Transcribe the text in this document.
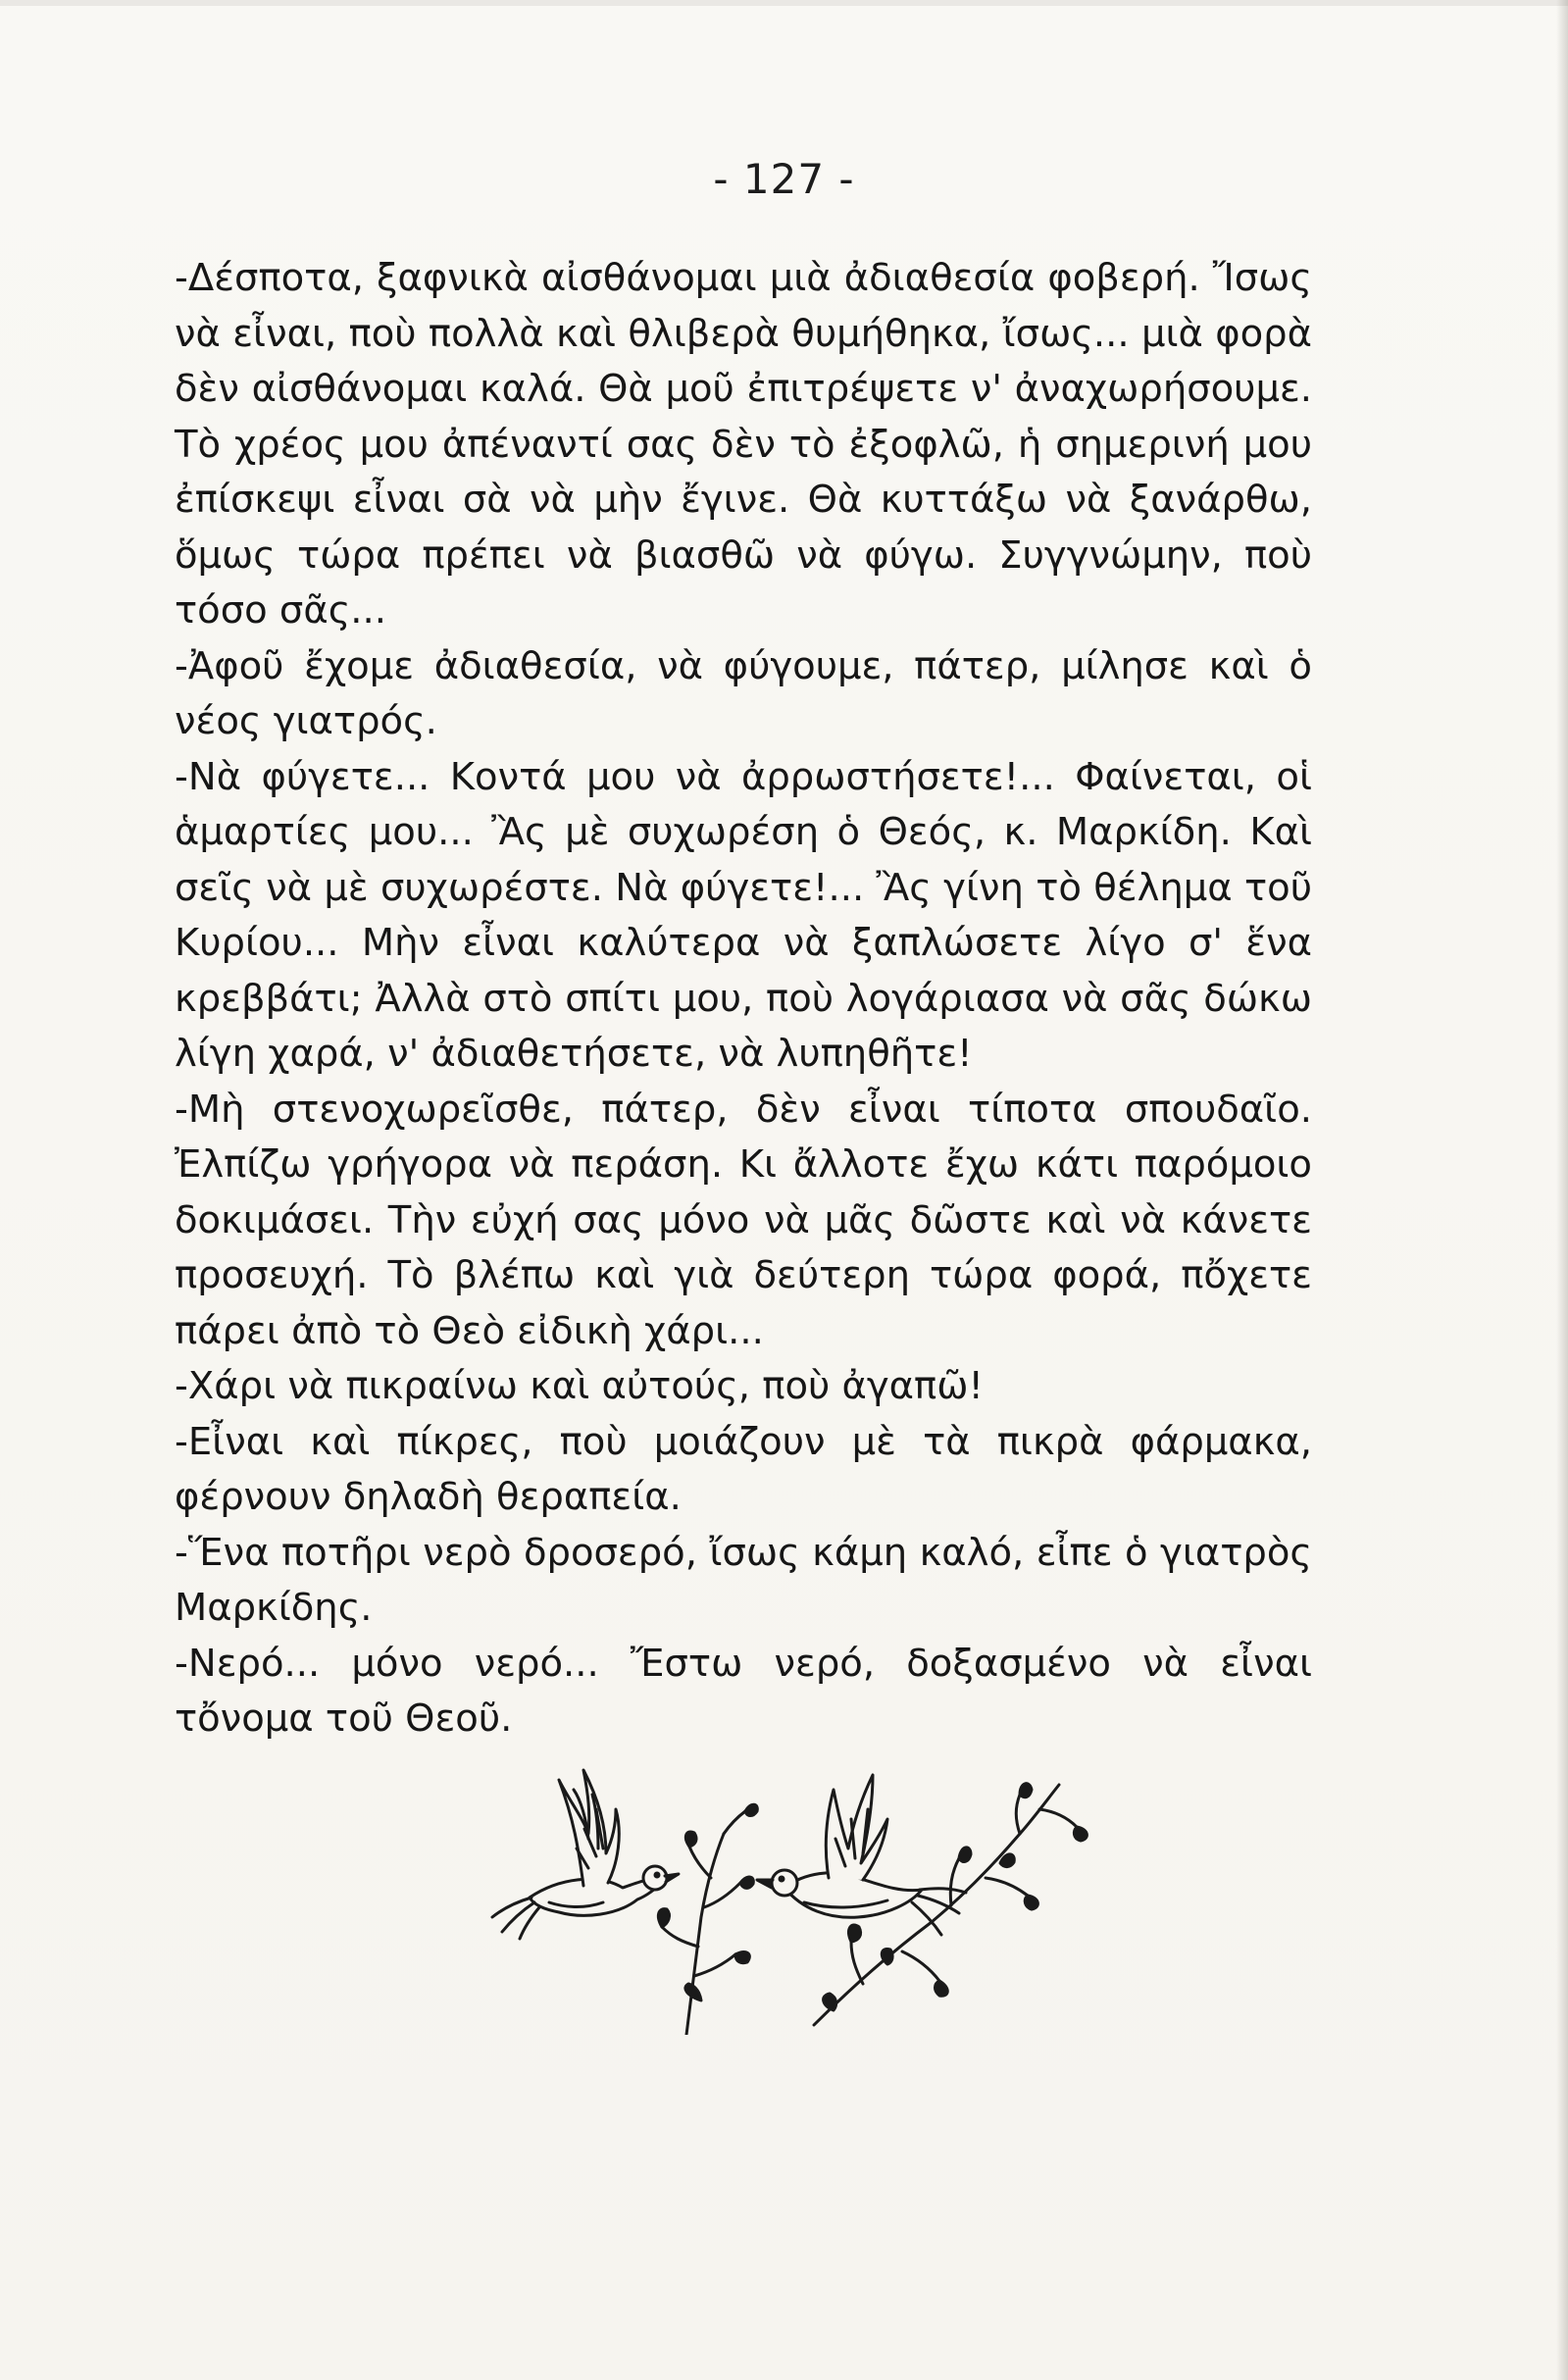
- 127 -

-Δέσποτα, ξαφνικὰ αἰσθάνομαι μιὰ ἀδιαθεσία φοβερή. Ἴσως νὰ εἶναι, ποὺ πολλὰ καὶ θλιβερὰ θυμήθηκα, ἴσως... μιὰ φορὰ δὲν αἰσθάνομαι καλά. Θὰ μοῦ ἐπιτρέψετε ν' ἀναχωρήσουμε. Τὸ χρέος μου ἀπέναντί σας δὲν τὸ ἐξοφλῶ, ἡ σημερινή μου ἐπίσκεψι εἶναι σὰ νὰ μὴν ἔγινε. Θὰ κυττάξω νὰ ξανάρθω, ὅμως τώρα πρέπει νὰ βιασθῶ νὰ φύγω. Συγγνώμην, ποὺ τόσο σᾶς...

-Ἀφοῦ ἔχομε ἀδιαθεσία, νὰ φύγουμε, πάτερ, μίλησε καὶ ὁ νέος γιατρός.

-Νὰ φύγετε... Κοντά μου νὰ ἀρρωστήσετε!... Φαίνεται, οἱ ἁμαρτίες μου... Ἂς μὲ συχωρέση ὁ Θεός, κ. Μαρκίδη. Καὶ σεῖς νὰ μὲ συχωρέστε. Νὰ φύγετε!... Ἂς γίνη τὸ θέλημα τοῦ Κυρίου... Μὴν εἶναι καλύτερα νὰ ξαπλώσετε λίγο σ' ἕνα κρεββάτι; Ἀλλὰ στὸ σπίτι μου, ποὺ λογάριασα νὰ σᾶς δώκω λίγη χαρά, ν' ἀδιαθετήσετε, νὰ λυπηθῆτε!

-Μὴ στενοχωρεῖσθε, πάτερ, δὲν εἶναι τίποτα σπουδαῖο. Ἐλπίζω γρήγορα νὰ περάση. Κι ἄλλοτε ἔχω κάτι παρόμοιο δοκιμάσει. Τὴν εὐχή σας μόνο νὰ μᾶς δῶστε καὶ νὰ κάνετε προσευχή. Τὸ βλέπω καὶ γιὰ δεύτερη τώρα φορά, πὄχετε πάρει ἀπὸ τὸ Θεὸ εἰδικὴ χάρι...

-Χάρι νὰ πικραίνω καὶ αὐτούς, ποὺ ἀγαπῶ!

-Εἶναι καὶ πίκρες, ποὺ μοιάζουν μὲ τὰ πικρὰ φάρμακα, φέρνουν δηλαδὴ θεραπεία.

-Ἕνα ποτῆρι νερὸ δροσερό, ἴσως κάμη καλό, εἶπε ὁ γιατρὸς Μαρκίδης.

-Νερό... μόνο νερό... Ἔστω νερό, δοξασμένο νὰ εἶναι τὄνομα τοῦ Θεοῦ.
